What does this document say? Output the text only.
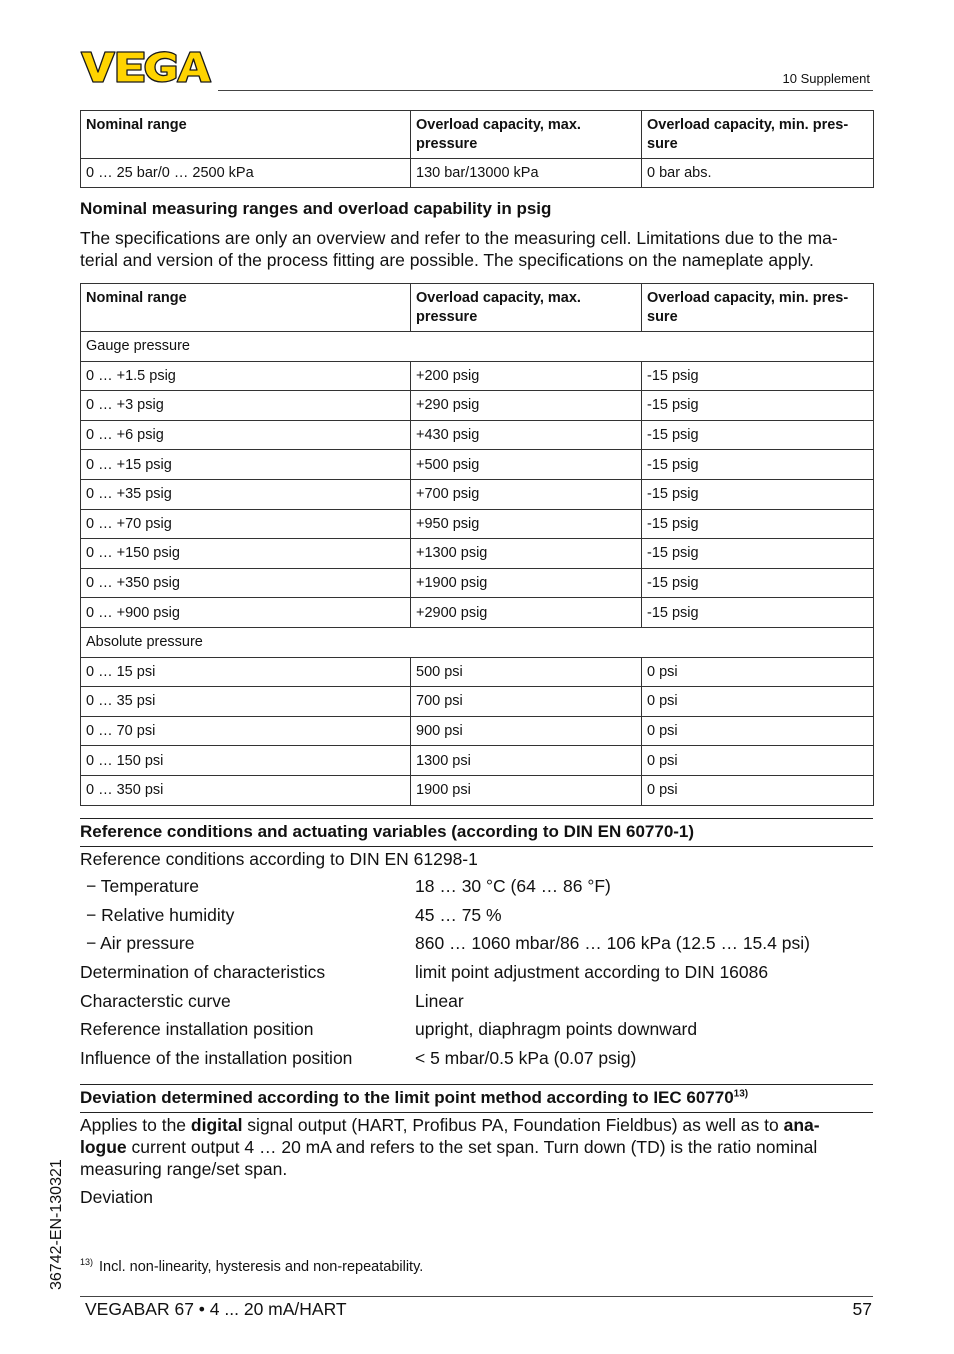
10 Supplement
Nominal range	Overload capacity, max. pressure	Overload capacity, min. pressure
0 … 25 bar/0 … 2500 kPa	130 bar/13000 kPa	0 bar abs.
Nominal measuring ranges and overload capability in psig
The specifications are only an overview and refer to the measuring cell. Limitations due to the material and version of the process fitting are possible. The specifications on the nameplate apply.
Nominal range	Overload capacity, max. pressure	Overload capacity, min. pressure
Gauge pressure		
0 … +1.5 psig	+200 psig	-15 psig
0 … +3 psig	+290 psig	-15 psig
0 … +6 psig	+430 psig	-15 psig
0 … +15 psig	+500 psig	-15 psig
0 … +35 psig	+700 psig	-15 psig
0 … +70 psig	+950 psig	-15 psig
0 … +150 psig	+1300 psig	-15 psig
0 … +350 psig	+1900 psig	-15 psig
0 … +900 psig	+2900 psig	-15 psig
Absolute pressure		
0 … 15 psi	500 psi	0 psi
0 … 35 psi	700 psi	0 psi
0 … 70 psi	900 psi	0 psi
0 … 150 psi	1300 psi	0 psi
0 … 350 psi	1900 psi	0 psi
Reference conditions and actuating variables (according to DIN EN 60770-1)
Reference conditions according to DIN EN 61298-1
− Temperature	18 … 30 °C (64 … 86 °F)
− Relative humidity	45 … 75 %
− Air pressure	860 … 1060 mbar/86 … 106 kPa (12.5 … 15.4 psi)
Determination of characteristics	limit point adjustment according to DIN 16086
Characterstic curve	Linear
Reference installation position	upright, diaphragm points downward
Influence of the installation position	< 5 mbar/0.5 kPa (0.07 psig)
Deviation determined according to the limit point method according to IEC 60770$^{13)}$
Applies to the digital signal output (HART, Profibus PA, Foundation Fieldbus) as well as to analogue current output 4 … 20 mA and refers to the set span. Turn down (TD) is the ratio nominal measuring range/set span.
Deviation
36742-EN-130321 $^{13)}$ Incl. non-linearity, hysteresis and non-repeatability.
VEGABAR 67 • 4 ... 20 mA/HART	57
